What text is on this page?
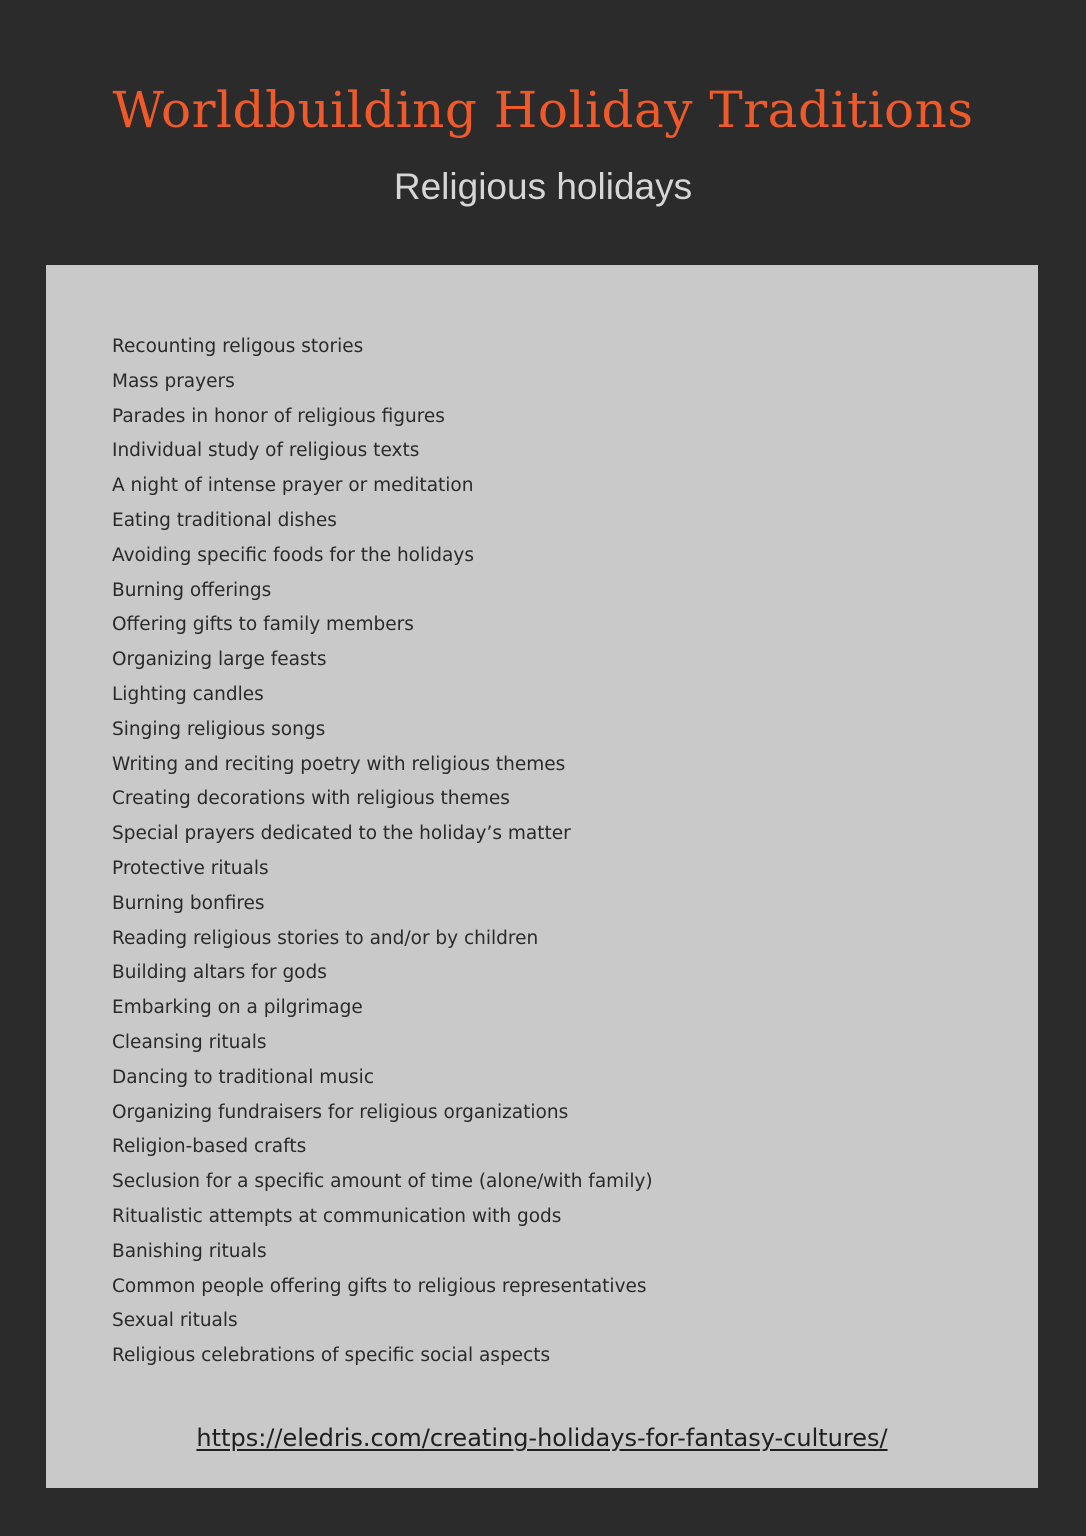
Worldbuilding Holiday Traditions
Religious holidays
Recounting religous stories
Mass prayers
Parades in honor of religious figures
Individual study of religious texts
A night of intense prayer or meditation
Eating traditional dishes
Avoiding specific foods for the holidays
Burning offerings
Offering gifts to family members
Organizing large feasts
Lighting candles
Singing religious songs
Writing and reciting poetry with religious themes
Creating decorations with religious themes
Special prayers dedicated to the holiday’s matter
Protective rituals
Burning bonfires
Reading religious stories to and/or by children
Building altars for gods
Embarking on a pilgrimage
Cleansing rituals
Dancing to traditional music
Organizing fundraisers for religious organizations
Religion-based crafts
Seclusion for a specific amount of time (alone/with family)
Ritualistic attempts at communication with gods
Banishing rituals
Common people offering gifts to religious representatives
Sexual rituals
Religious celebrations of specific social aspects
https://eledris.com/creating-holidays-for-fantasy-cultures/
